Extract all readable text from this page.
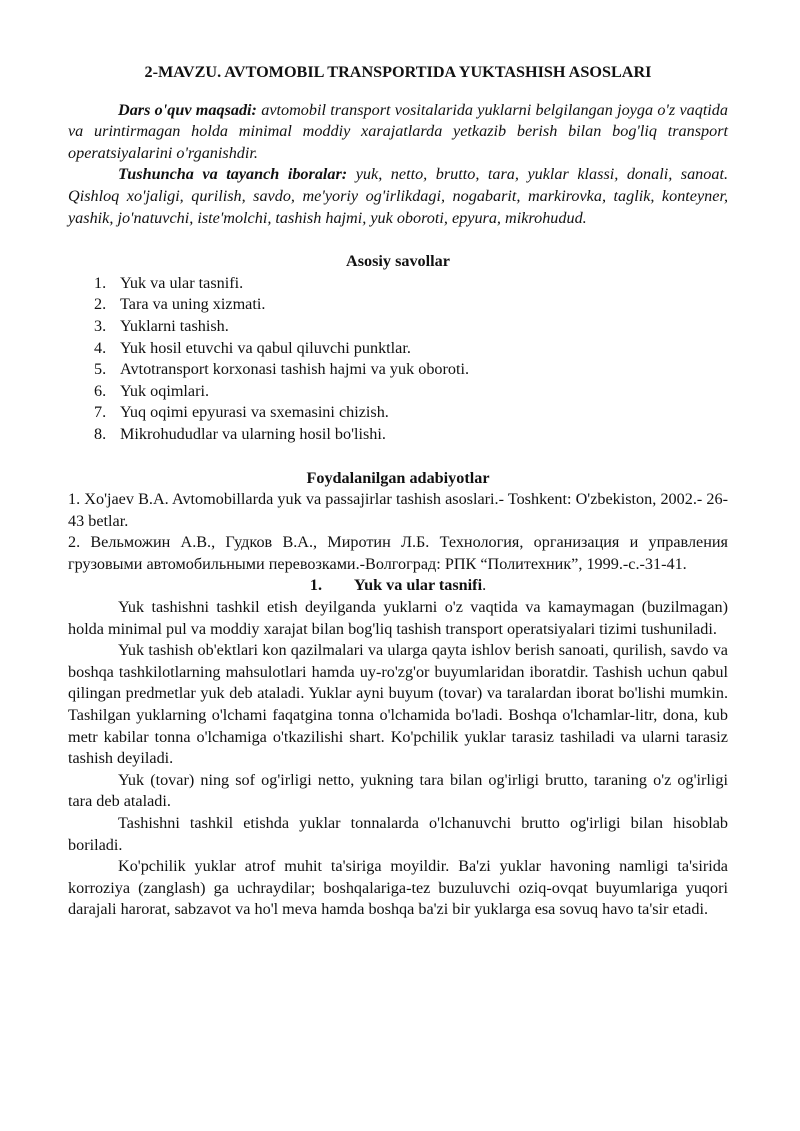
2-MAVZU. AVTOMOBIL TRANSPORTIDA YUKTASHISH ASOSLARI

Dars o'quv maqsadi: avtomobil transport vositalarida yuklarni belgilangan joyga o'z vaqtida va urintirmagan holda minimal moddiy xarajatlarda yetkazib berish bilan bog'liq transport operatsiyalarini o'rganishdir.

Tushuncha va tayanch iboralar: yuk, netto, brutto, tara, yuklar klassi, donali, sanoat. Qishloq xo'jaligi, qurilish, savdo, me'yoriy og'irlikdagi, nogabarit, markirovka, taglik, konteyner, yashik, jo'natuvchi, iste'molchi, tashish hajmi, yuk oboroti, epyura, mikrohudud.

Asosiy savollar
1. Yuk va ular tasnifi.
2. Tara va uning xizmati.
3. Yuklarni tashish.
4. Yuk hosil etuvchi va qabul qiluvchi punktlar.
5. Avtotransport korxonasi tashish hajmi va yuk oboroti.
6. Yuk oqimlari.
7. Yuq oqimi epyurasi va sxemasini chizish.
8. Mikrohududlar va ularning hosil bo'lishi.
Foydalanilgan adabiyotlar

1. Xo'jaev B.A. Avtomobillarda yuk va passajirlar tashish asoslari.- Toshkent: O'zbekiston, 2002.- 26-43 betlar.

2. Вельможин А.В., Гудков В.А., Миротин Л.Б. Технология, организация и управления грузовыми автомобильными перевозками.-Волгоград: РПК “Политехник”, 1999.-с.-31-41.

1. Yuk va ular tasnifi.

Yuk tashishni tashkil etish deyilganda yuklarni o'z vaqtida va kamaymagan (buzilmagan) holda minimal pul va moddiy xarajat bilan bog'liq tashish transport operatsiyalari tizimi tushuniladi.

Yuk tashish ob'ektlari kon qazilmalari va ularga qayta ishlov berish sanoati, qurilish, savdo va boshqa tashkilotlarning mahsulotlari hamda uy-ro'zg'or buyumlaridan iboratdir. Tashish uchun qabul qilingan predmetlar yuk deb ataladi. Yuklar ayni buyum (tovar) va taralardan iborat bo'lishi mumkin. Tashilgan yuklarning o'lchami faqatgina tonna o'lchamida bo'ladi. Boshqa o'lchamlar-litr, dona, kub metr kabilar tonna o'lchamiga o'tkazilishi shart. Ko'pchilik yuklar tarasiz tashiladi va ularni tarasiz tashish deyiladi.

Yuk (tovar) ning sof og'irligi netto, yukning tara bilan og'irligi brutto, taraning o'z og'irligi tara deb ataladi.

Tashishni tashkil etishda yuklar tonnalarda o'lchanuvchi brutto og'irligi bilan hisoblab boriladi.

Ko'pchilik yuklar atrof muhit ta'siriga moyildir. Ba'zi yuklar havoning namligi ta'sirida korroziya (zanglash) ga uchraydilar; boshqalariga-tez buzuluvchi oziq-ovqat buyumlariga yuqori darajali harorat, sabzavot va ho'l meva hamda boshqa ba'zi bir yuklarga esa sovuq havo ta'sir etadi.
